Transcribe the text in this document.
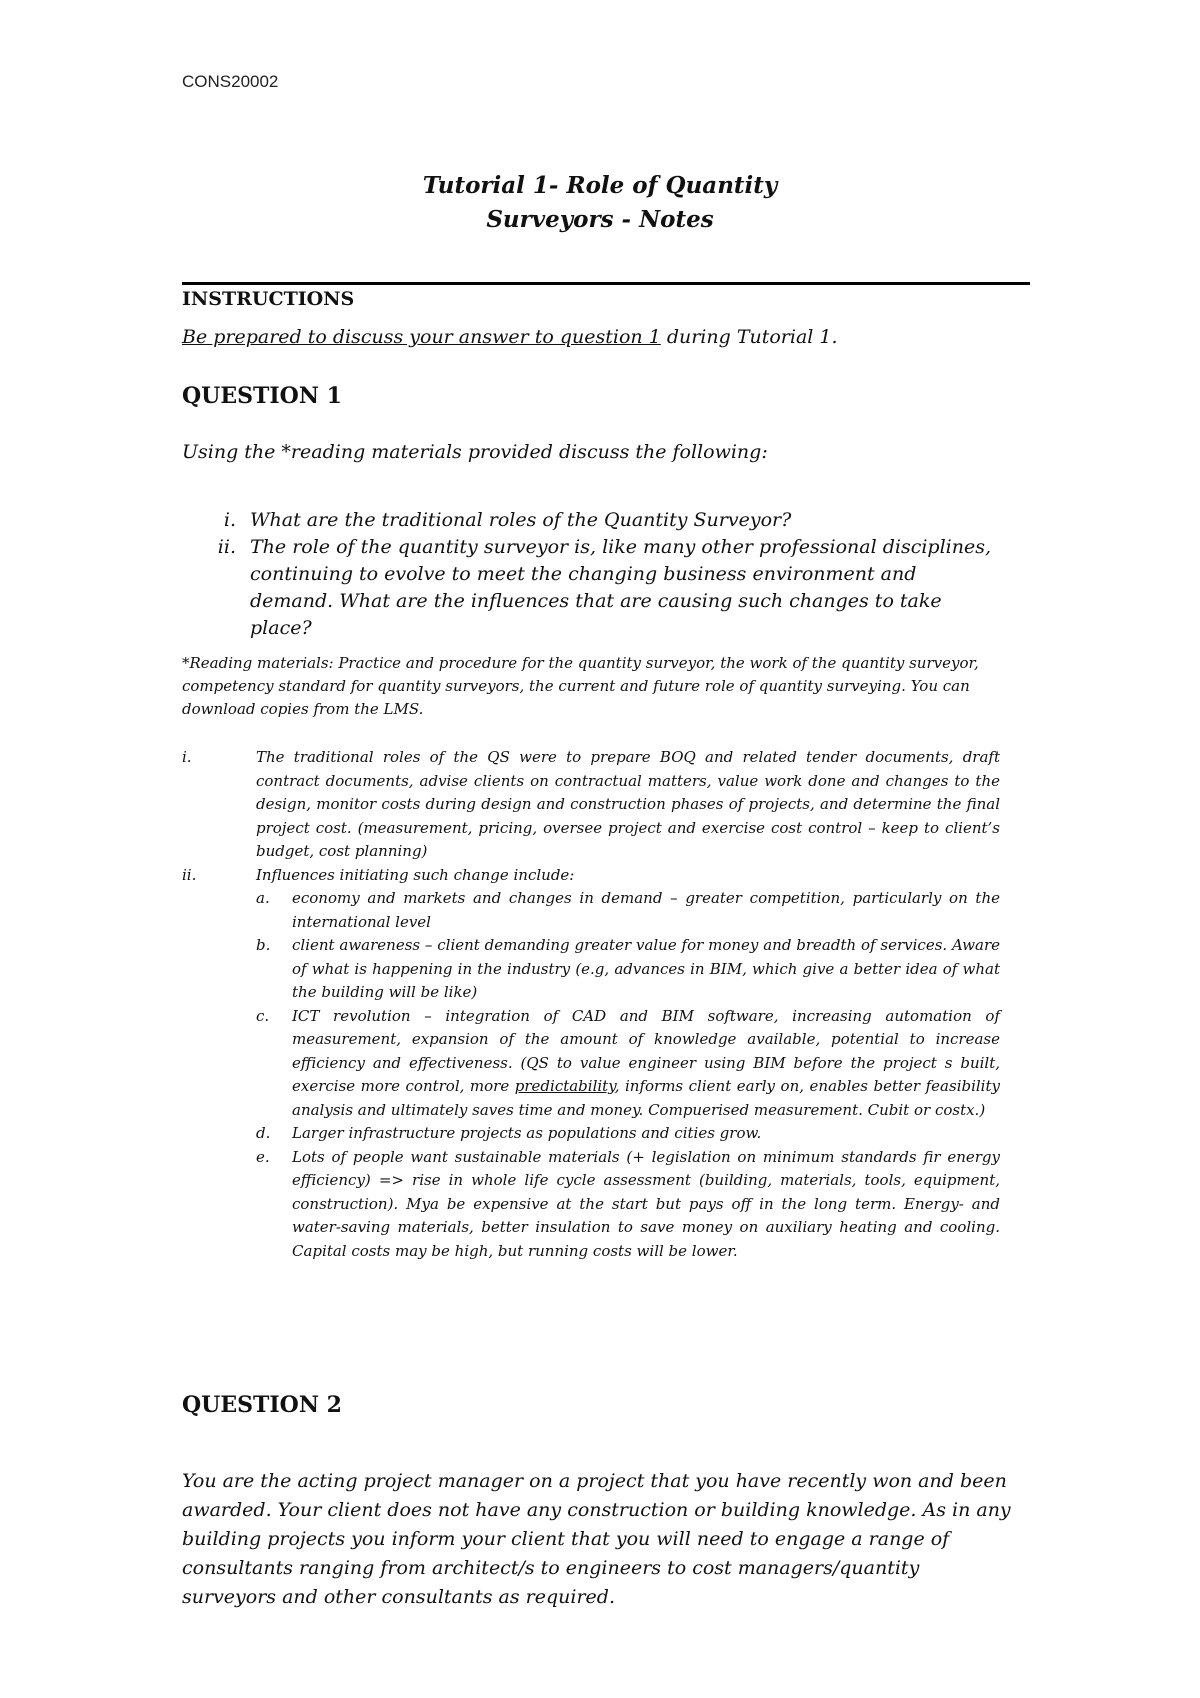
CONS20002
Tutorial 1- Role of Quantity
Surveyors - Notes
INSTRUCTIONS
Be prepared to discuss your answer to question 1 during Tutorial 1.
QUESTION 1
Using the *reading materials provided discuss the following:
i. What are the traditional roles of the Quantity Surveyor?
ii. The role of the quantity surveyor is, like many other professional disciplines, continuing to evolve to meet the changing business environment and demand. What are the influences that are causing such changes to take place?
*Reading materials: Practice and procedure for the quantity surveyor, the work of the quantity surveyor, competency standard for quantity surveyors, the current and future role of quantity surveying. You can download copies from the LMS.
i.	The traditional roles of the QS were to prepare BOQ and related tender documents, draft contract documents, advise clients on contractual matters, value work done and changes to the design, monitor costs during design and construction phases of projects, and determine the final project cost. (measurement, pricing, oversee project and exercise cost control – keep to client’s budget, cost planning)
ii.	Influences initiating such change include:
a.	economy and markets and changes in demand – greater competition, particularly on the international level
b.	client awareness – client demanding greater value for money and breadth of services. Aware of what is happening in the industry (e.g, advances in BIM, which give a better idea of what the building will be like)
c.	ICT revolution – integration of CAD and BIM software, increasing automation of measurement, expansion of the amount of knowledge available, potential to increase efficiency and effectiveness. (QS to value engineer using BIM before the project s built, exercise more control, more predictability, informs client early on, enables better feasibility analysis and ultimately saves time and money. Compuerised measurement. Cubit or costx.)
d.	Larger infrastructure projects as populations and cities grow.
e.	Lots of people want sustainable materials (+ legislation on minimum standards fir energy efficiency) => rise in whole life cycle assessment (building, materials, tools, equipment, construction). Mya be expensive at the start but pays off in the long term. Energy- and water-saving materials, better insulation to save money on auxiliary heating and cooling. Capital costs may be high, but running costs will be lower.
QUESTION 2
You are the acting project manager on a project that you have recently won and been awarded. Your client does not have any construction or building knowledge. As in any building projects you inform your client that you will need to engage a range of consultants ranging from architect/s to engineers to cost managers/quantity surveyors and other consultants as required.
